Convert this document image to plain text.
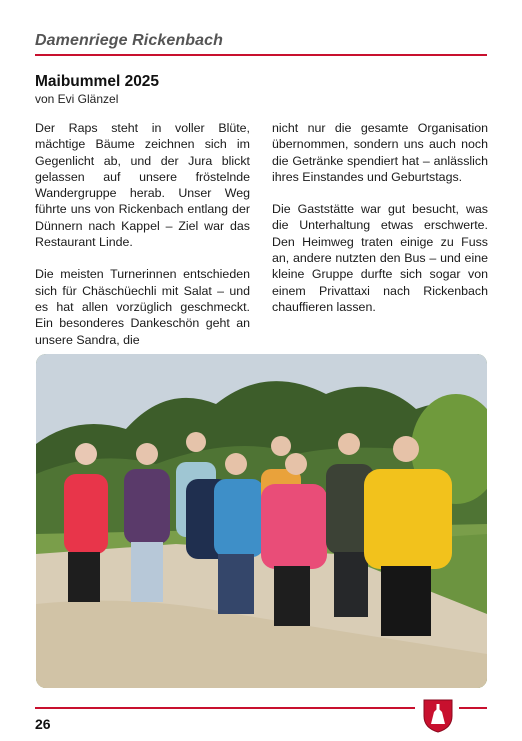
Damenriege Rickenbach
Maibummel 2025
von Evi Glänzel

Der Raps steht in voller Blüte, mächtige Bäume zeichnen sich im Gegenlicht ab, und der Jura blickt gelassen auf unsere fröstelnde Wandergruppe herab. Unser Weg führte uns von Rickenbach entlang der Dünnern nach Kappel – Ziel war das Restaurant Linde.

Die meisten Turnerinnen entschieden sich für Chäschüechli mit Salat – und es hat allen vorzüglich geschmeckt. Ein besonderes Dankeschön geht an unsere Sandra, die

nicht nur die gesamte Organisation übernommen, sondern uns auch noch die Getränke spendiert hat – anlässlich ihres Einstandes und Geburtstags.

Die Gaststätte war gut besucht, was die Unterhaltung etwas erschwerte. Den Heimweg traten einige zu Fuss an, andere nutzten den Bus – und eine kleine Gruppe durfte sich sogar von einem Privattaxi nach Rickenbach chauffieren lassen.

26
